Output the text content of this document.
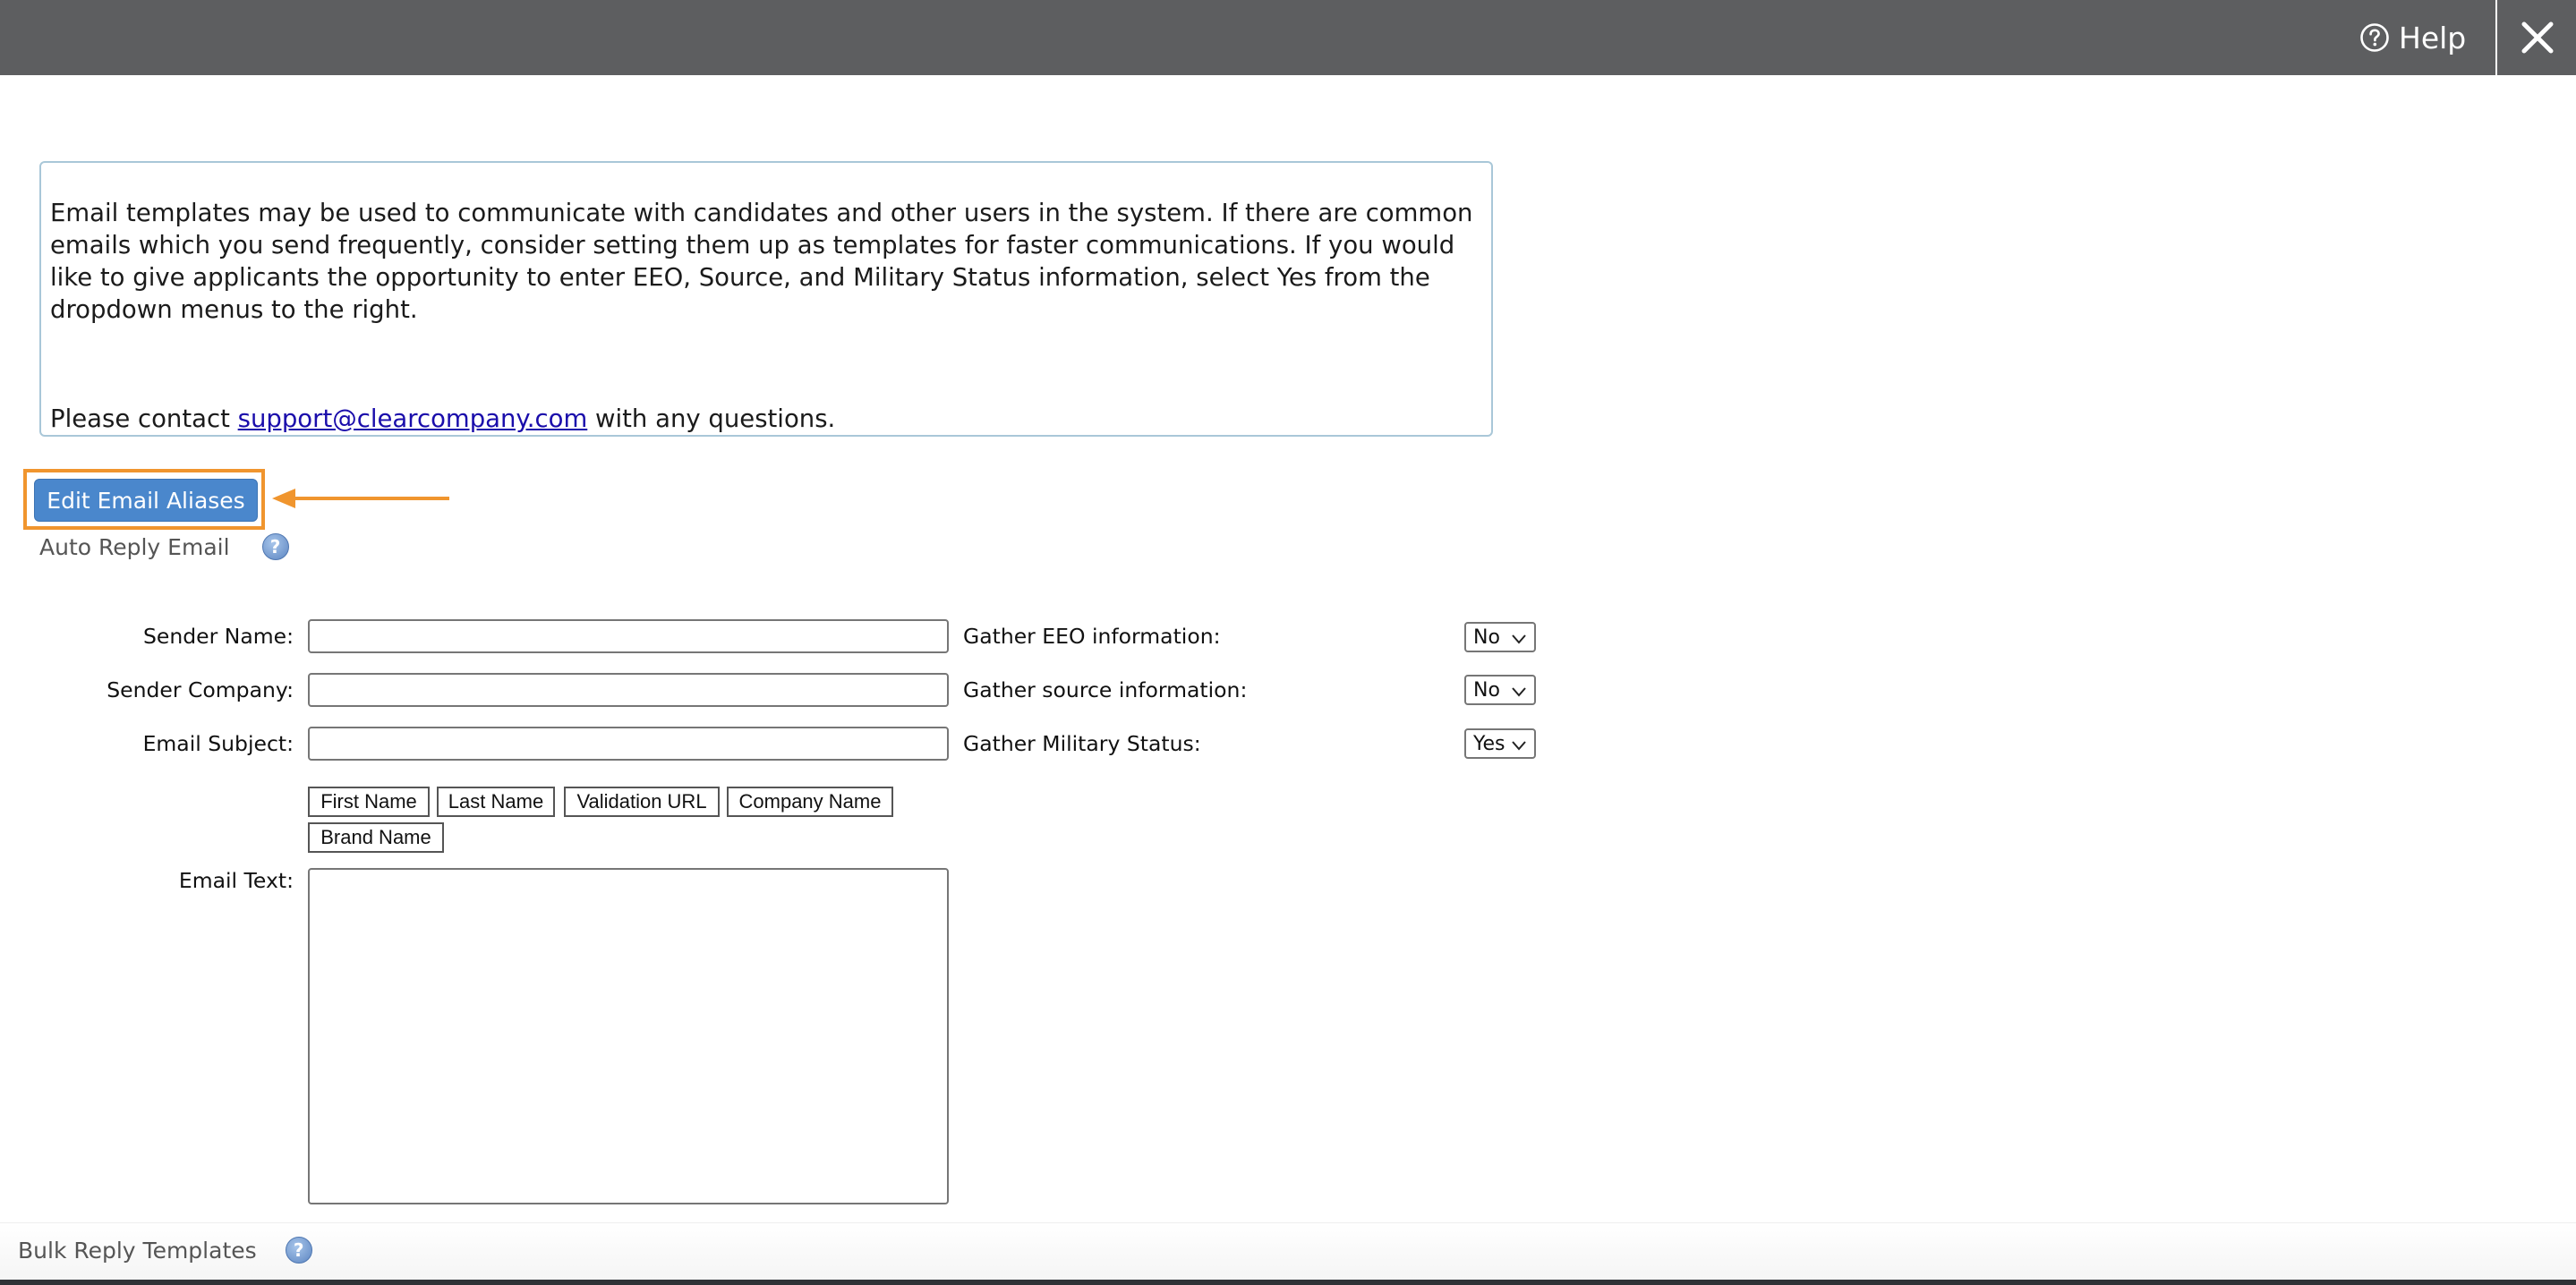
Help

Email templates may be used to communicate with candidates and other users in the system. If there are common emails which you send frequently, consider setting them up as templates for faster communications. If you would like to give applicants the opportunity to enter EEO, Source, and Military Status information, select Yes from the dropdown menus to the right.

Please contact support@clearcompany.com with any questions.

Edit Email Aliases
Auto Reply Email	?
Sender Name:
Sender Company:
Email Subject:
Gather EEO information:	No
Gather source information:	No
Gather Military Status:	Yes
First Name	Last Name	Validation URL	Company Name
Brand Name
Email Text:
Bulk Reply Templates	?
